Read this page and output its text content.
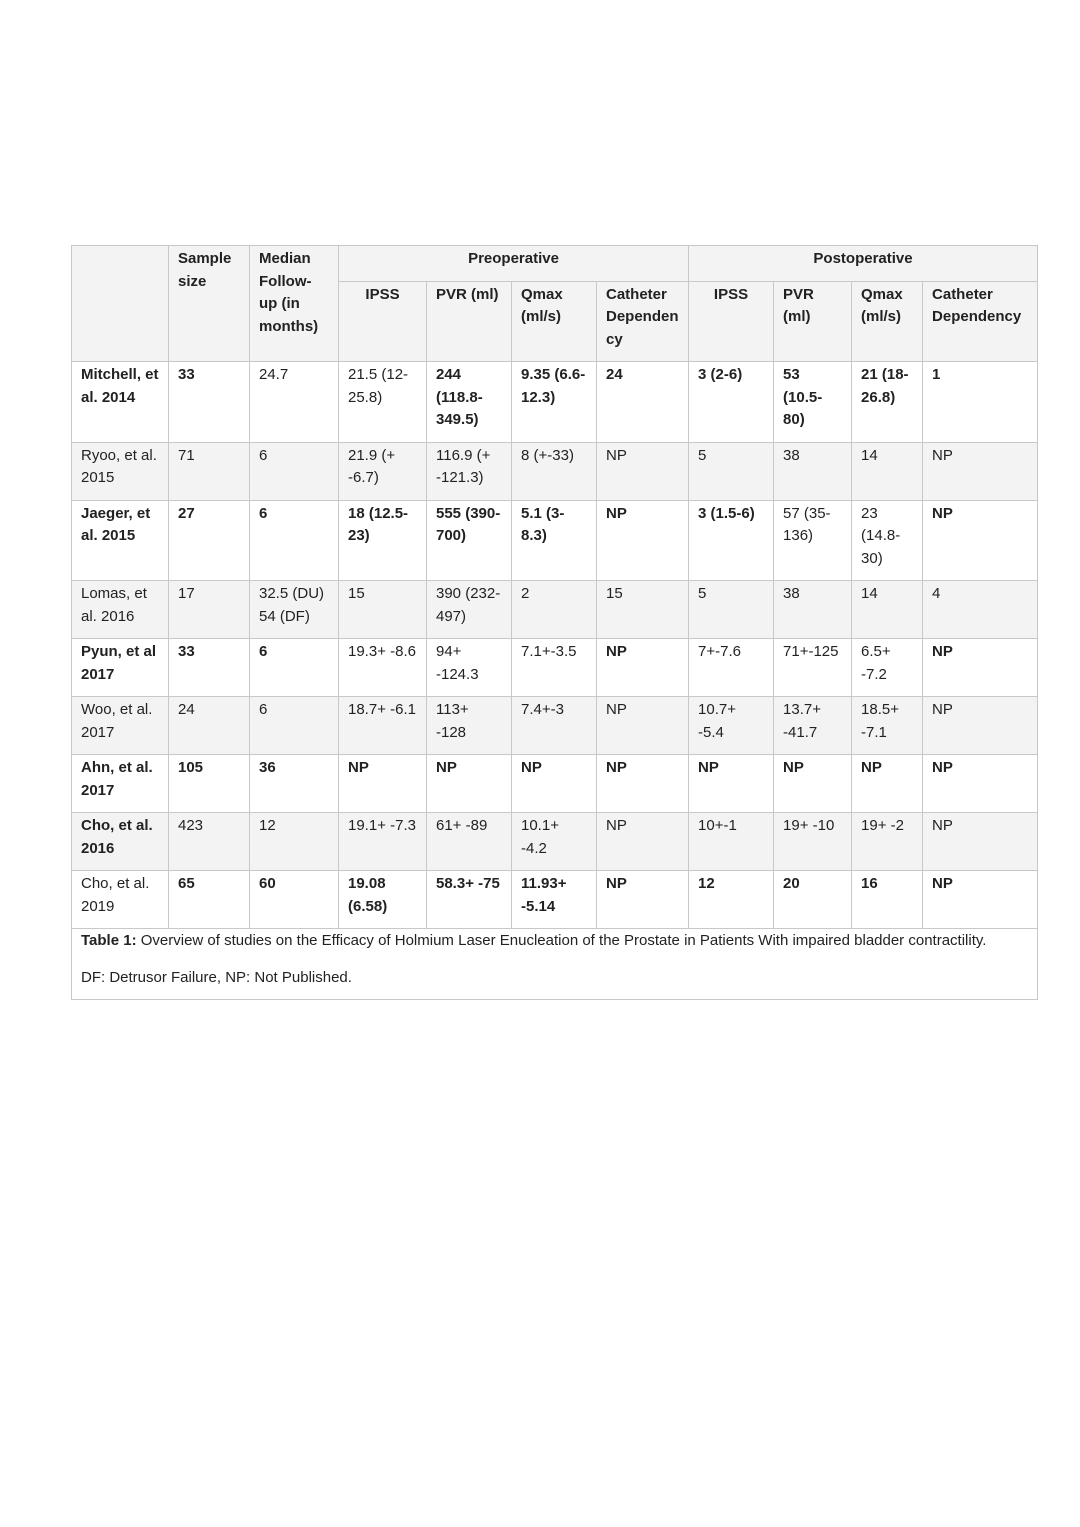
	Sample size	Median Follow-up (in months)	Preoperative				Postoperative			
			IPSS	PVR (ml)	Qmax (ml/s)	Catheter Dependency	IPSS	PVR (ml)	Qmax (ml/s)	Catheter Dependency
Mitchell, et al. 2014	33	24.7	21.5 (12-25.8)	244 (118.8-349.5)	9.35 (6.6-12.3)	24	3 (2-6)	53 (10.5-80)	21 (18-26.8)	1
Ryoo, et al. 2015	71	6	21.9 (+ -6.7)	116.9 (+ -121.3)	8 (+-33)	NP	5	38	14	NP
Jaeger, et al. 2015	27	6	18 (12.5-23)	555 (390-700)	5.1 (3-8.3)	NP	3 (1.5-6)	57 (35-136)	23 (14.8-30)	NP
Lomas, et al. 2016	17	32.5 (DU) 54 (DF)	15	390 (232-497)	2	15	5	38	14	4
Pyun, et al 2017	33	6	19.3+ -8.6	94+ -124.3	7.1+-3.5	NP	7+-7.6	71+-125	6.5+ -7.2	NP
Woo, et al. 2017	24	6	18.7+ -6.1	113+ -128	7.4+-3	NP	10.7+ -5.4	13.7+ -41.7	18.5+ -7.1	NP
Ahn, et al. 2017	105	36	NP	NP	NP	NP	NP	NP	NP	NP
Cho, et al. 2016	423	12	19.1+ -7.3	61+ -89	10.1+ -4.2	NP	10+-1	19+ -10	19+ -2	NP
Cho, et al. 2019	65	60	19.08 (6.58)	58.3+ -75	11.93+ -5.14	NP	12	20	16	NP

Table 1: Overview of studies on the Efficacy of Holmium Laser Enucleation of the Prostate in Patients With impaired bladder contractility.

DF: Detrusor Failure, NP: Not Published.										
